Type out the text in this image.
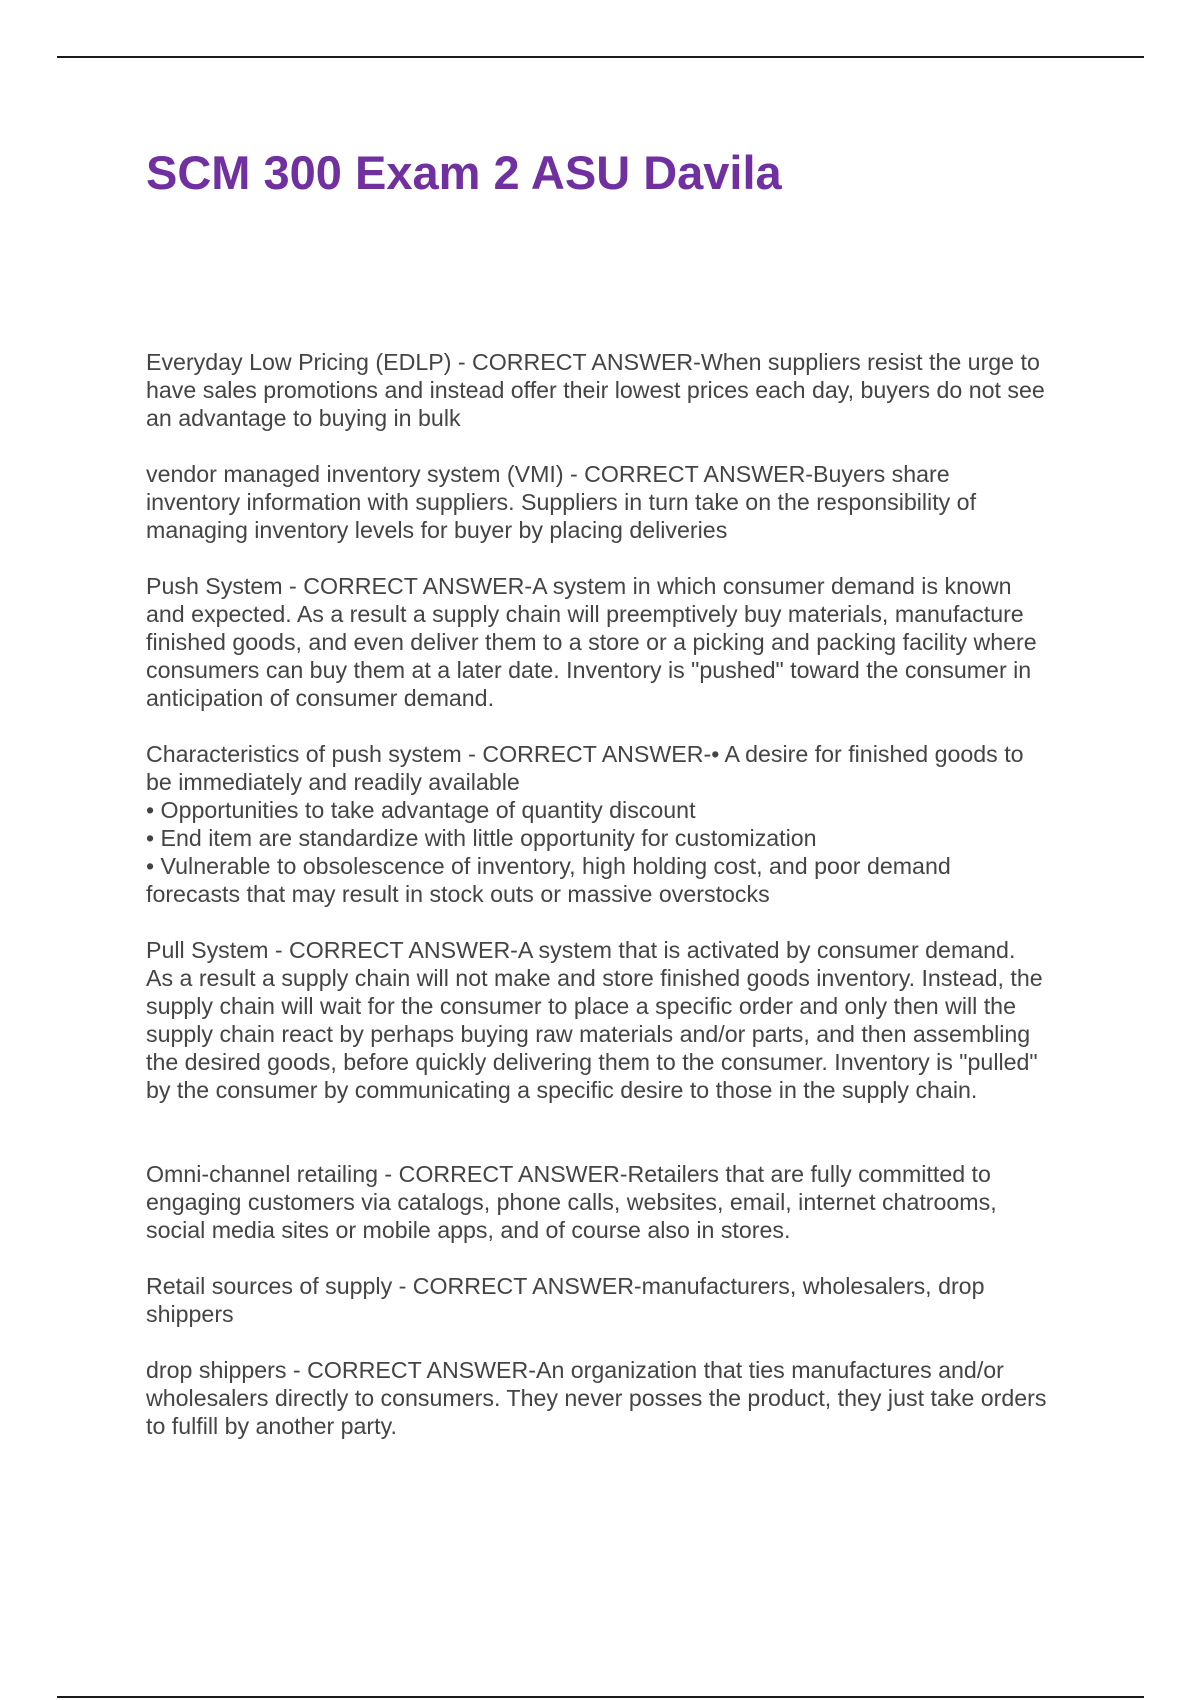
SCM 300 Exam 2 ASU Davila

Everyday Low Pricing (EDLP) - CORRECT ANSWER-When suppliers resist the urge to
have sales promotions and instead offer their lowest prices each day, buyers do not see
an advantage to buying in bulk

vendor managed inventory system (VMI) - CORRECT ANSWER-Buyers share
inventory information with suppliers. Suppliers in turn take on the responsibility of
managing inventory levels for buyer by placing deliveries

Push System - CORRECT ANSWER-A system in which consumer demand is known
and expected. As a result a supply chain will preemptively buy materials, manufacture
finished goods, and even deliver them to a store or a picking and packing facility where
consumers can buy them at a later date. Inventory is "pushed" toward the consumer in
anticipation of consumer demand.

Characteristics of push system - CORRECT ANSWER-• A desire for finished goods to
be immediately and readily available
• Opportunities to take advantage of quantity discount
• End item are standardize with little opportunity for customization
• Vulnerable to obsolescence of inventory, high holding cost, and poor demand
forecasts that may result in stock outs or massive overstocks

Pull System - CORRECT ANSWER-A system that is activated by consumer demand.
As a result a supply chain will not make and store finished goods inventory. Instead, the
supply chain will wait for the consumer to place a specific order and only then will the
supply chain react by perhaps buying raw materials and/or parts, and then assembling
the desired goods, before quickly delivering them to the consumer. Inventory is "pulled"
by the consumer by communicating a specific desire to those in the supply chain.

Omni-channel retailing - CORRECT ANSWER-Retailers that are fully committed to
engaging customers via catalogs, phone calls, websites, email, internet chatrooms,
social media sites or mobile apps, and of course also in stores.

Retail sources of supply - CORRECT ANSWER-manufacturers, wholesalers, drop
shippers

drop shippers - CORRECT ANSWER-An organization that ties manufactures and/or
wholesalers directly to consumers. They never posses the product, they just take orders
to fulfill by another party.
